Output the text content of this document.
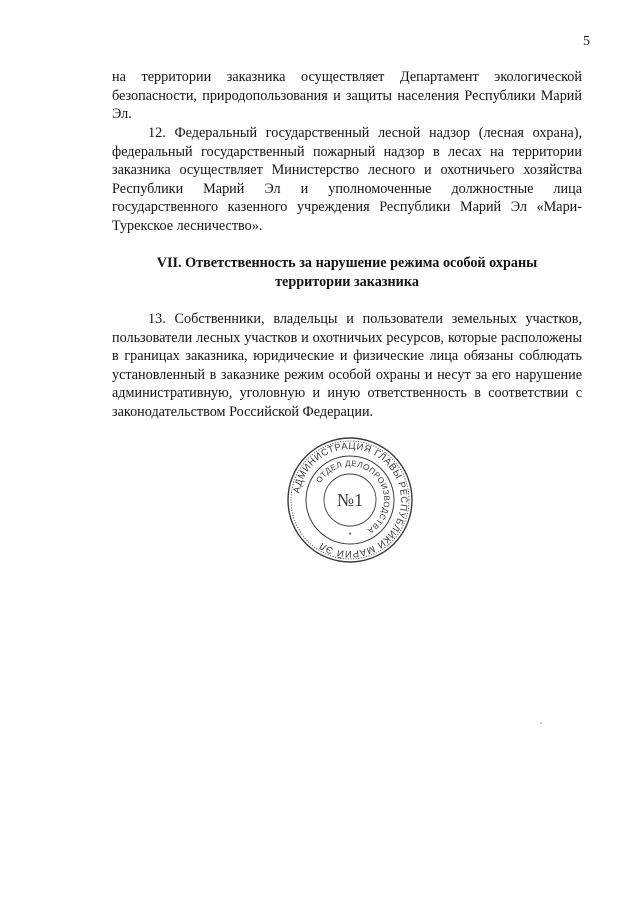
5

на территории заказника осуществляет Департамент экологической безопасности, природопользования и защиты населения Республики Марий Эл.

12. Федеральный государственный лесной надзор (лесная охрана), федеральный государственный пожарный надзор в лесах на территории заказника осуществляет Министерство лесного и охотничьего хозяйства Республики Марий Эл и уполномоченные должностные лица государственного казенного учреждения Республики Марий Эл «Мари-Турекское лесничество».

VII. Ответственность за нарушение режима особой охраны
территории заказника

13. Собственники, владельцы и пользователи земельных участков, пользователи лесных участков и охотничьих ресурсов, которые расположены в границах заказника, юридические и физические лица обязаны соблюдать установленный в заказнике режим особой охраны и несут за его нарушение административную, уголовную и иную ответственность в соответствии с законодательством Российской Федерации.

АДМИНИСТРАЦИЯ ГЛАВЫ РЕСПУБЛИКИ МАРИЙ ЭЛ
ОТДЕЛ ДЕЛОПРОИЗВОДСТВА
№1
*
